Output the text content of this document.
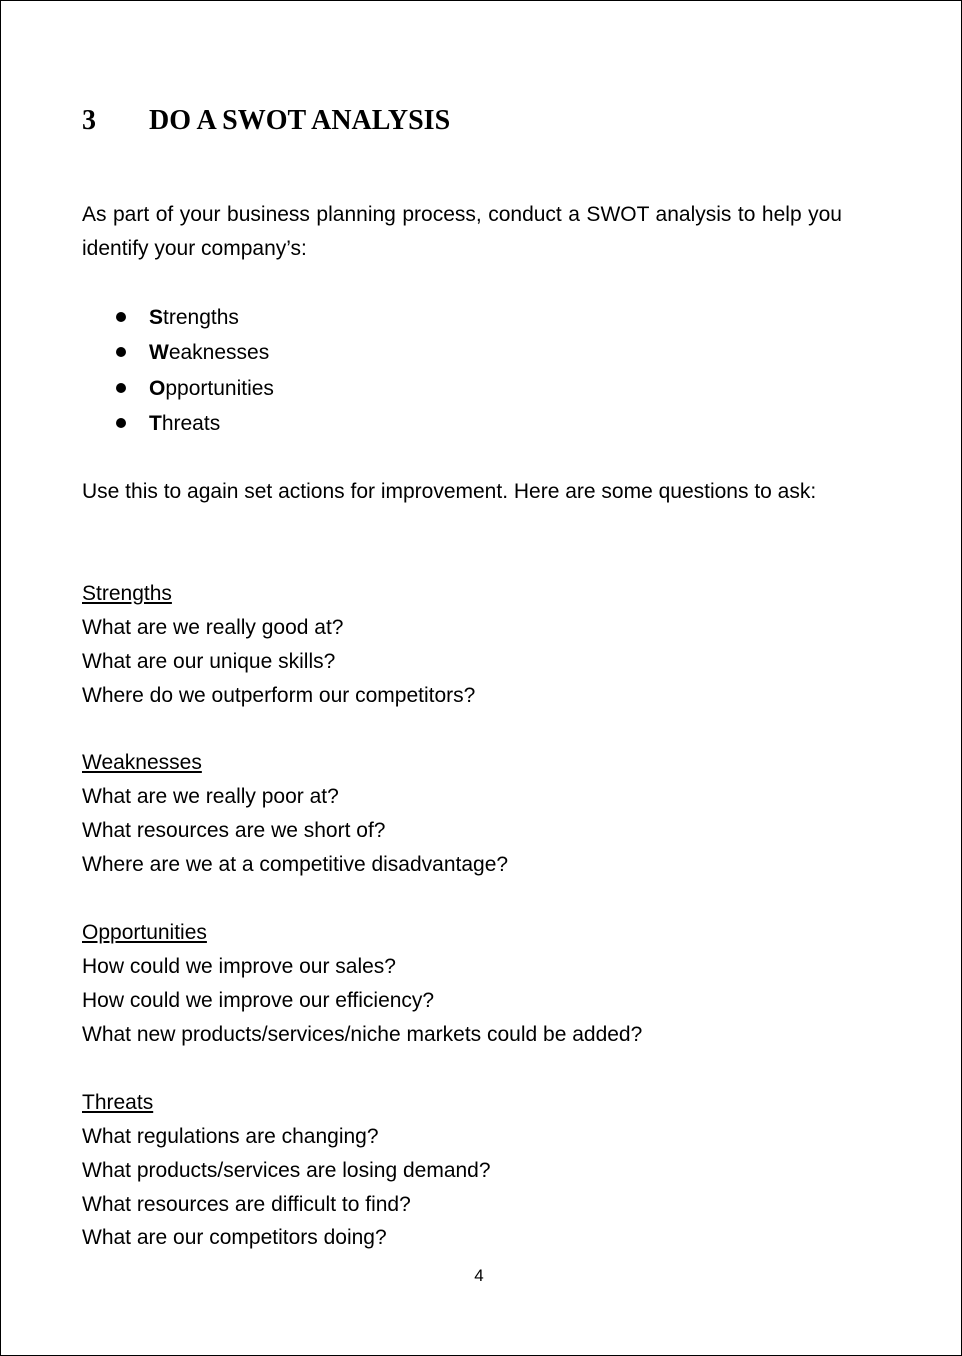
3 DO A SWOT ANALYSIS

As part of your business planning process, conduct a SWOT analysis to help you identify your company’s:

Strengths
Weaknesses
Opportunities
Threats

Use this to again set actions for improvement. Here are some questions to ask:

Strengths
What are we really good at?
What are our unique skills?
Where do we outperform our competitors?
Weaknesses
What are we really poor at?
What resources are we short of?
Where are we at a competitive disadvantage?
Opportunities
How could we improve our sales?
How could we improve our efficiency?
What new products/services/niche markets could be added?
Threats
What regulations are changing?
What products/services are losing demand?
What resources are difficult to find?
What are our competitors doing?
4
